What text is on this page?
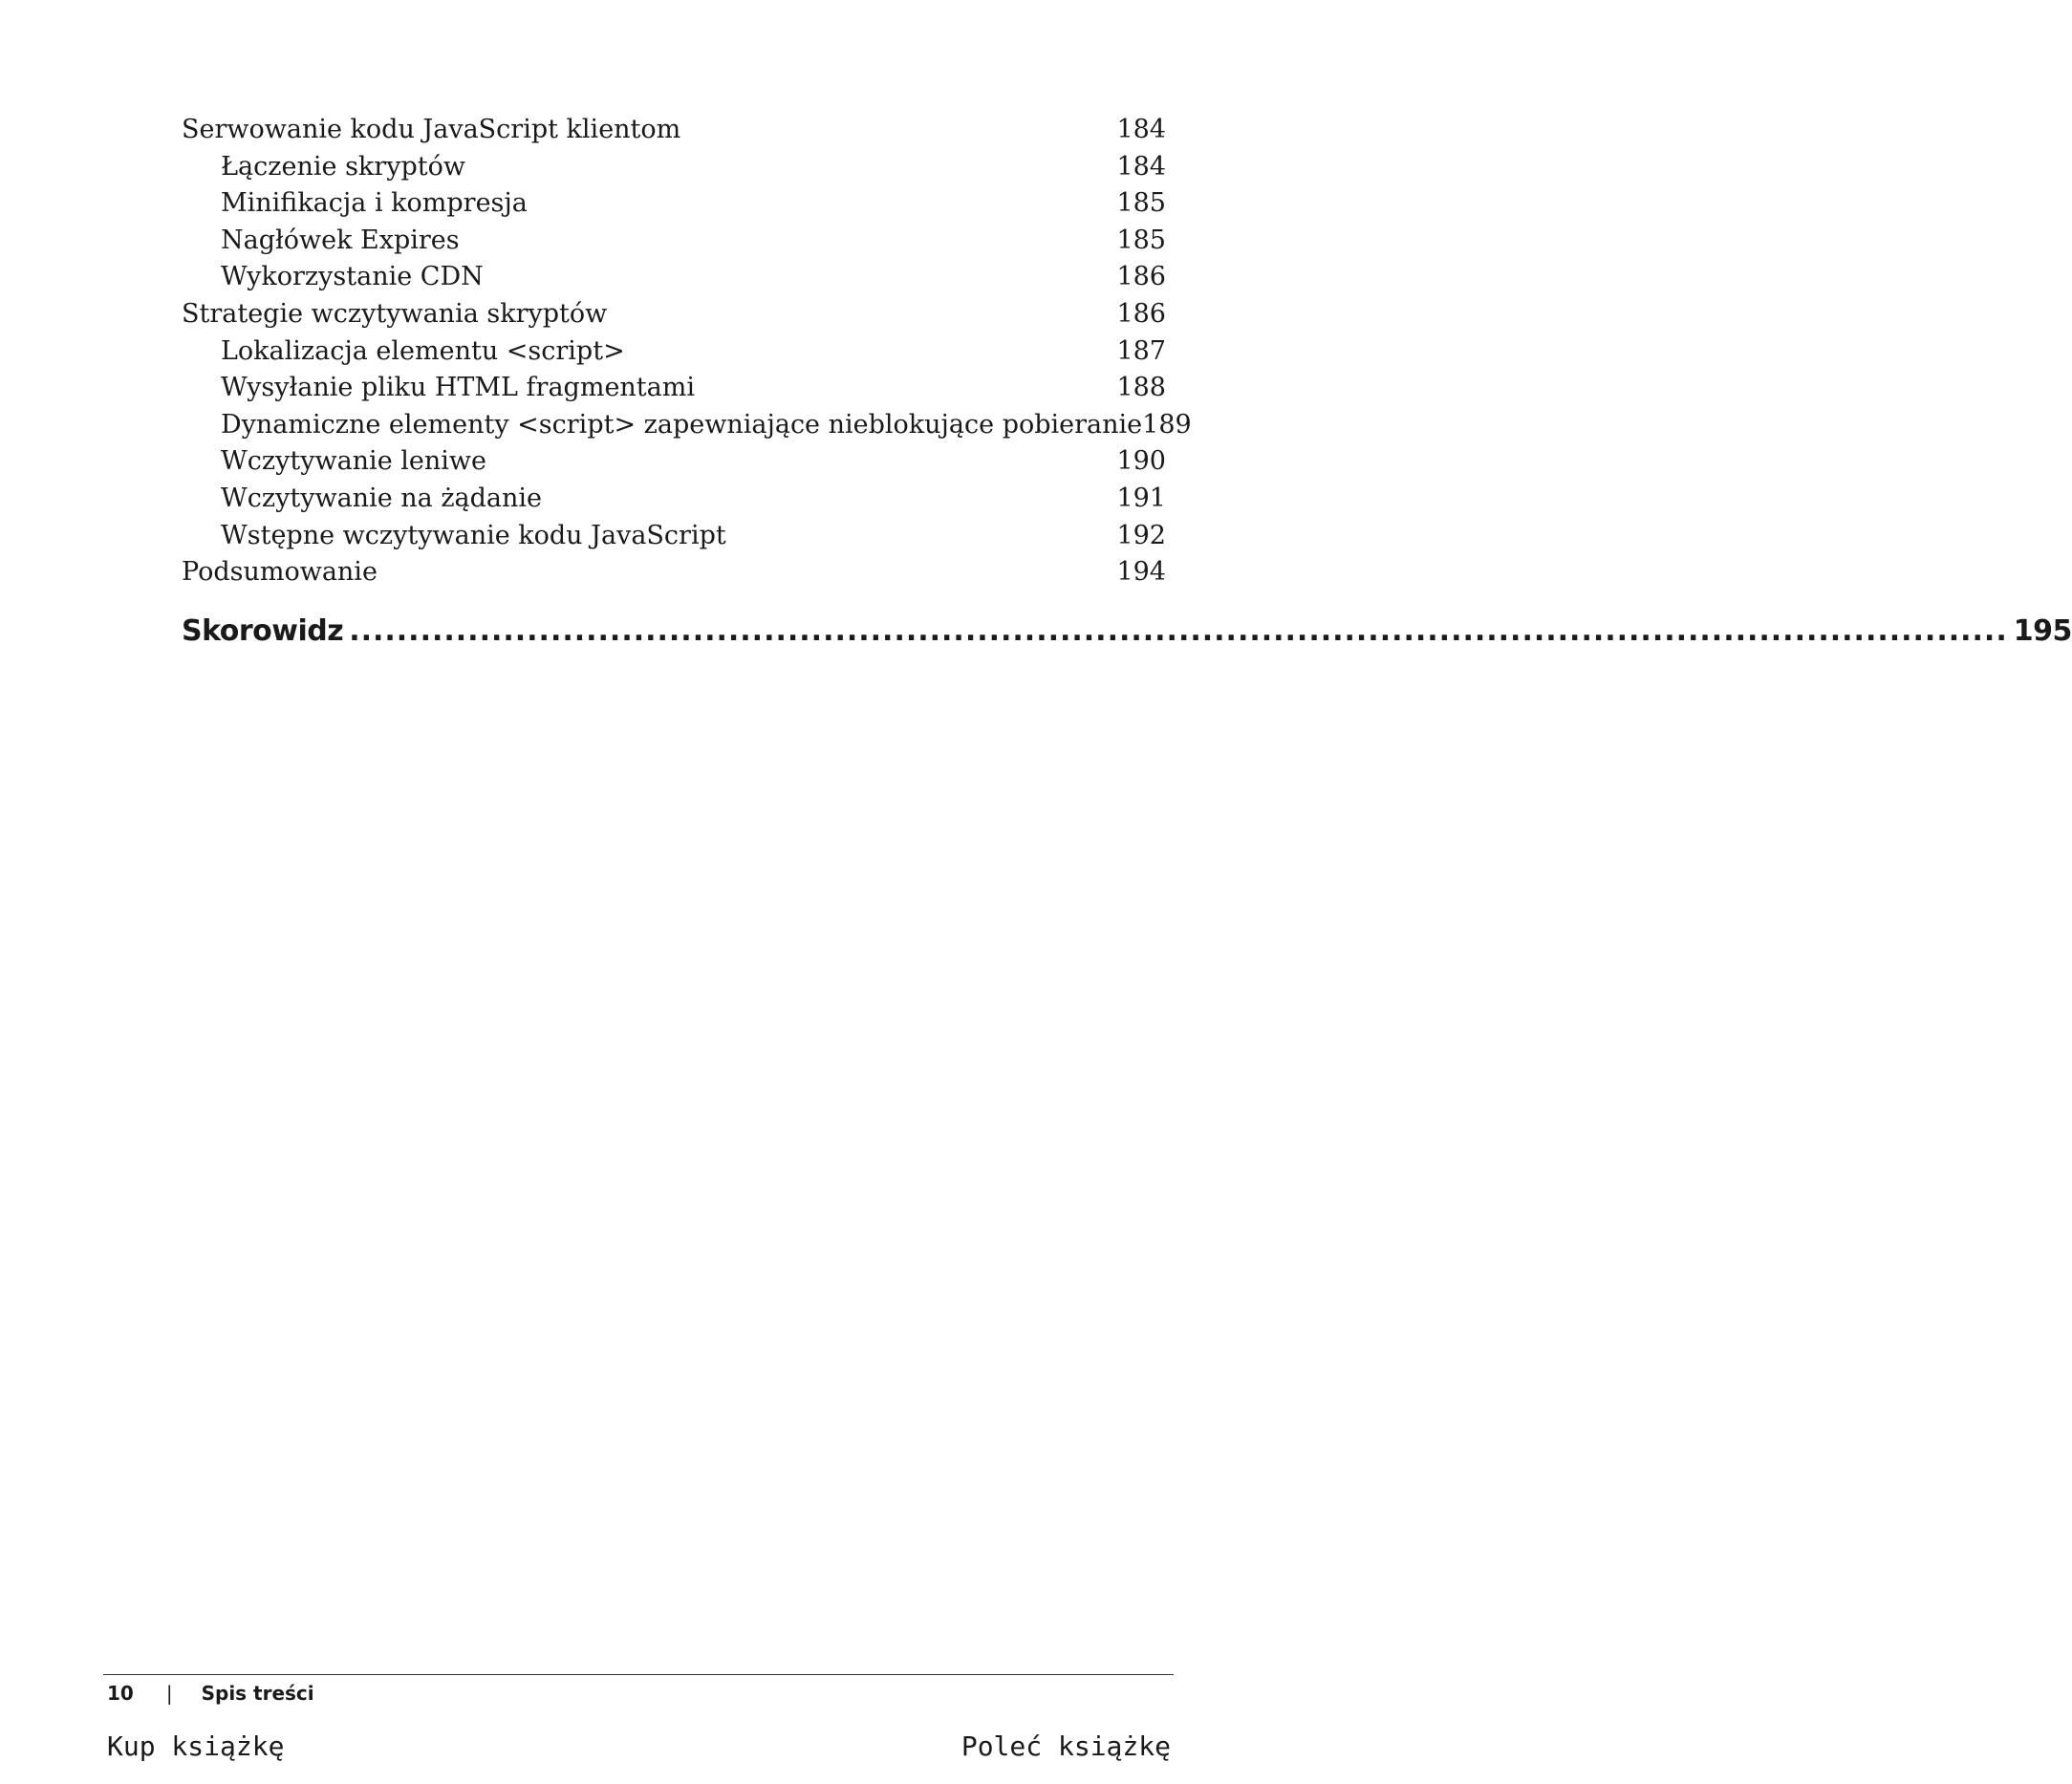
Serwowanie kodu JavaScript klientom	184
Łączenie skryptów	184
Minifikacja i kompresja	185
Nagłówek Expires	185
Wykorzystanie CDN	186
Strategie wczytywania skryptów	186
Lokalizacja elementu <script>	187
Wysyłanie pliku HTML fragmentami	188
Dynamiczne elementy <script> zapewniające nieblokujące pobieranie 189
Wczytywanie leniwe	190
Wczytywanie na żądanie	191
Wstępne wczytywanie kodu JavaScript	192
Podsumowanie	194
Skorowidz ............................................................................................................................................ 195
10 | Spis treści
Kup książkę	Poleć książkę
